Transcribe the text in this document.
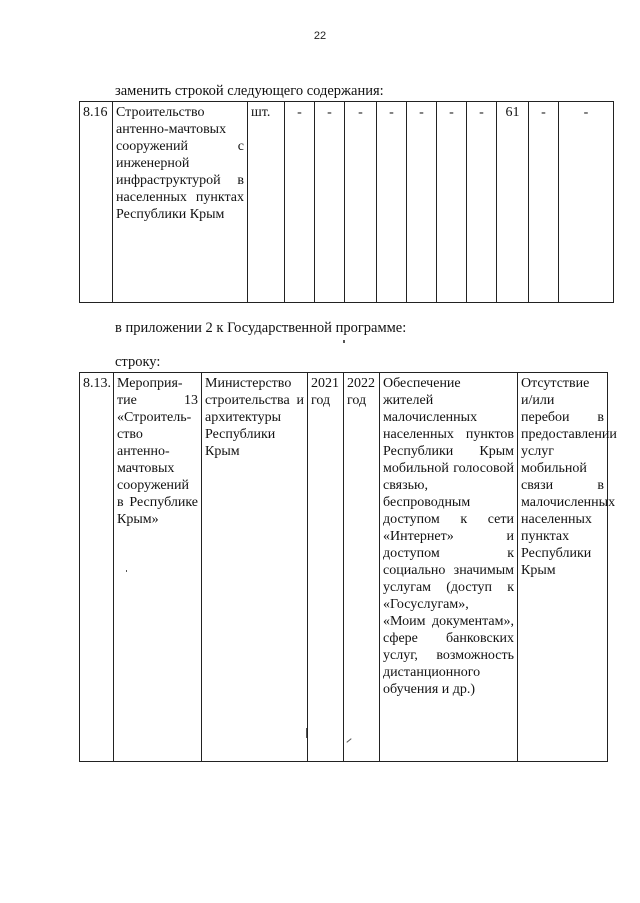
22
заменить строкой следующего содержания:
8.16	Строительство антенно-мачтовых сооружений с инженерной инфраструктурой в населенных пунктах Республики Крым	шт.	-	-	-	-	-	-	-	61	-	-
в приложении 2 к Государственной программе:
строку:
8.13.	Мероприя-тие 13 «Строитель-ство антенно-мачтовых сооружений в Республике Крым»	Министерство строительства и архитектуры Республики Крым	2021 год	2022 год	Обеспечение жителей малочисленных населенных пунктов Республики Крым мобильной голосовой связью, беспроводным доступом к сети «Интернет» и доступом к социально значимым услугам (доступ к «Госуслугам», «Моим документам», сфере банковских услуг, возможность дистанционного обучения и др.)	Отсутствие и/или перебои в предоставлении услуг мобильной связи в малочисленных населенных пунктах Республики Крым
